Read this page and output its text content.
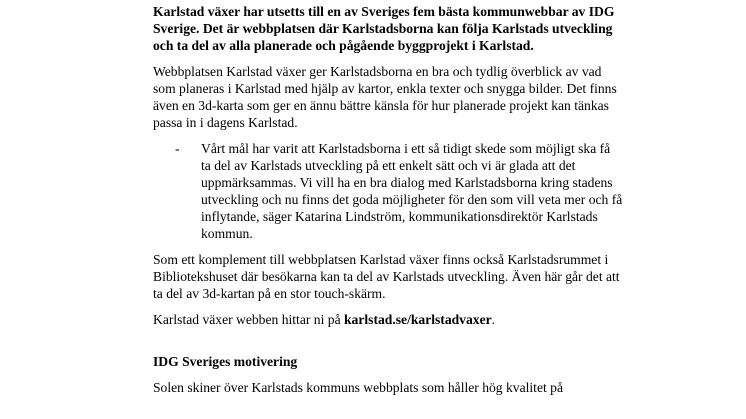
Karlstad växer har utsetts till en av Sveriges fem bästa kommunwebbar av IDG Sverige. Det är webbplatsen där Karlstadsborna kan följa Karlstads utveckling och ta del av alla planerade och pågående byggprojekt i Karlstad.

Webbplatsen Karlstad växer ger Karlstadsborna en bra och tydlig överblick av vad som planeras i Karlstad med hjälp av kartor, enkla texter och snygga bilder. Det finns även en 3d-karta som ger en ännu bättre känsla för hur planerade projekt kan tänkas passa in i dagens Karlstad.

- Vårt mål har varit att Karlstadsborna i ett så tidigt skede som möjligt ska få ta del av Karlstads utveckling på ett enkelt sätt och vi är glada att det uppmärksammas. Vi vill ha en bra dialog med Karlstadsborna kring stadens utveckling och nu finns det goda möjligheter för den som vill veta mer och få inflytande, säger Katarina Lindström, kommunikationsdirektör Karlstads kommun.

Som ett komplement till webbplatsen Karlstad växer finns också Karlstadsrummet i Bibliotekshuset där besökarna kan ta del av Karlstads utveckling. Även här går det att ta del av 3d-kartan på en stor touch-skärm.

Karlstad växer webben hittar ni på karlstad.se/karlstadvaxer.

IDG Sveriges motivering

Solen skiner över Karlstads kommuns webbplats som håller hög kvalitet på
